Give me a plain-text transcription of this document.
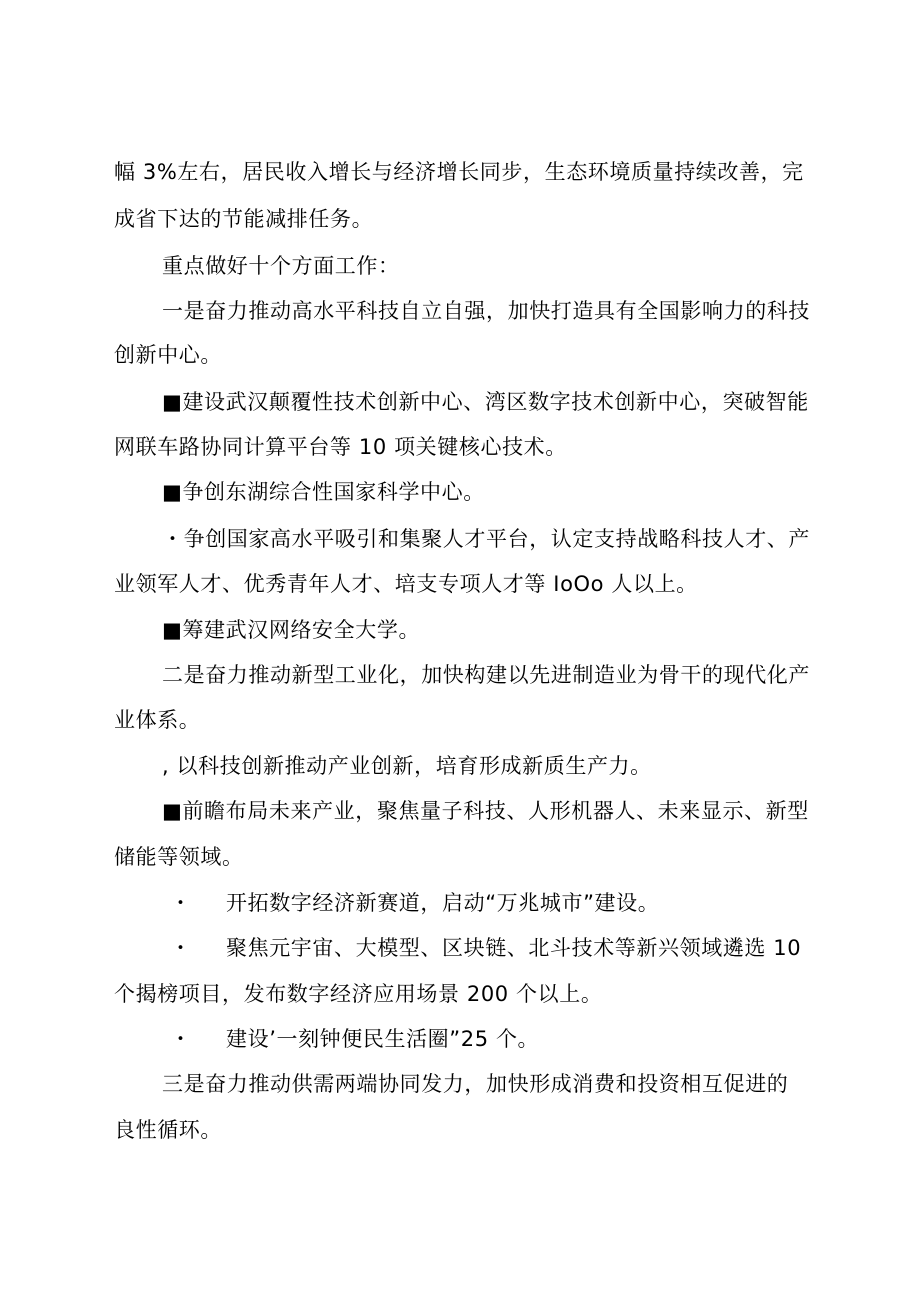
幅 3%左右，居民收入增长与经济增长同步，生态环境质量持续改善，完
成省下达的节能减排任务。
重点做好十个方面工作：
一是奋力推动高水平科技自立自强，加快打造具有全国影响力的科技
创新中心。
■建设武汉颠覆性技术创新中心、湾区数字技术创新中心，突破智能
网联车路协同计算平台等 10 项关键核心技术。
■争创东湖综合性国家科学中心。
・争创国家高水平吸引和集聚人才平台，认定支持战略科技人才、产
业领军人才、优秀青年人才、培支专项人才等 IoOo 人以上。
■筹建武汉网络安全大学。
二是奋力推动新型工业化，加快构建以先进制造业为骨干的现代化产
业体系。
, 以科技创新推动产业创新，培育形成新质生产力。
■前瞻布局未来产业，聚焦量子科技、人形机器人、未来显示、新型
储能等领域。
・ 开拓数字经济新赛道，启动“万兆城市”建设。
・ 聚焦元宇宙、大模型、区块链、北斗技术等新兴领域遴选 10
个揭榜项目，发布数字经济应用场景 200 个以上。
・ 建设’一刻钟便民生活圈”25 个。
三是奋力推动供需两端协同发力，加快形成消费和投资相互促进的
良性循环。
